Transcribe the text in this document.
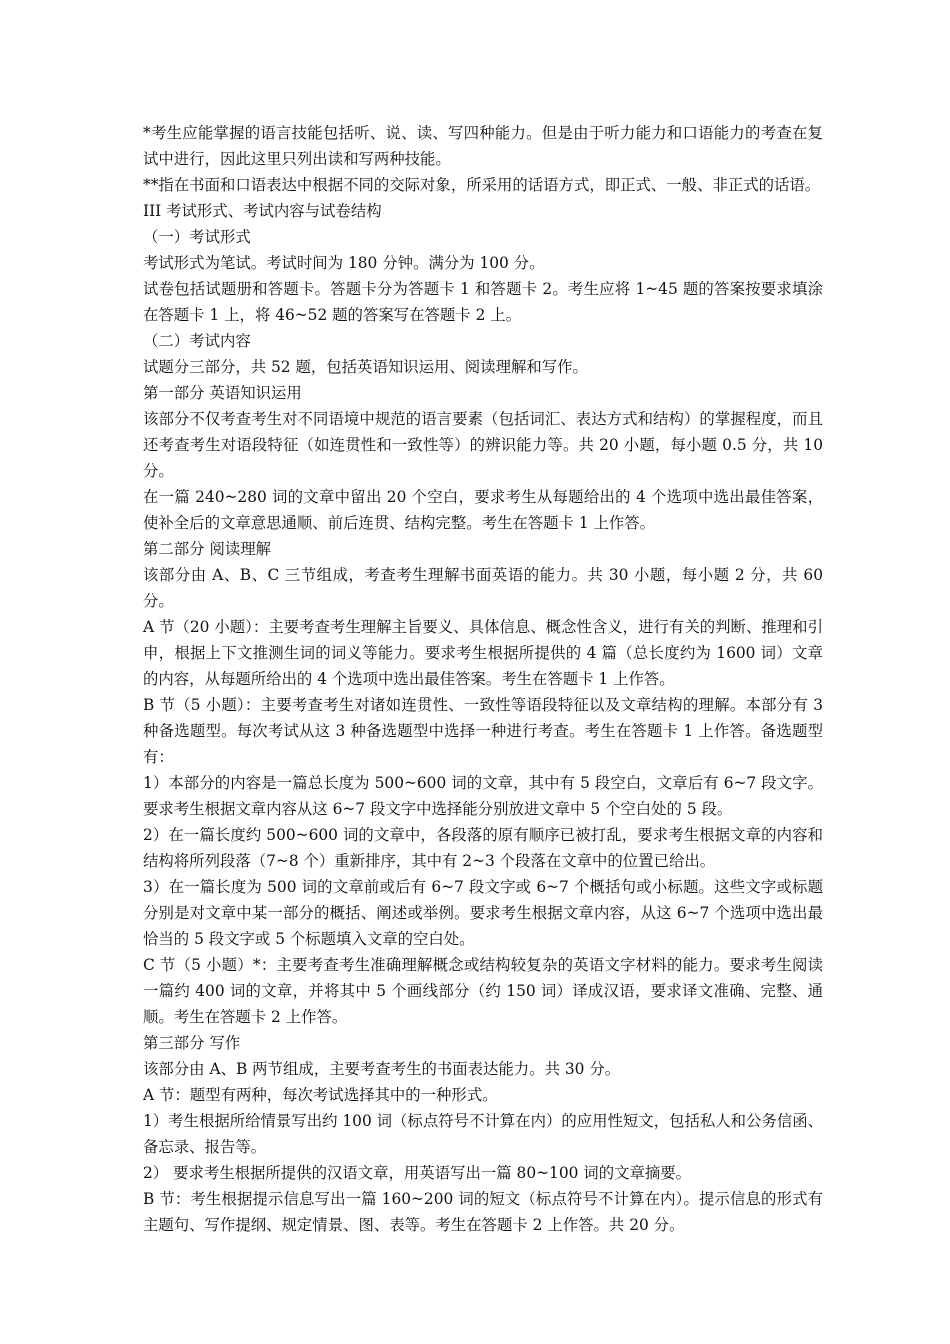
*考生应能掌握的语言技能包括听、说、读、写四种能力。但是由于听力能力和口语能力的考查在复试中进行，因此这里只列出读和写两种技能。

**指在书面和口语表达中根据不同的交际对象，所采用的话语方式，即正式、一般、非正式的话语。

III 考试形式、考试内容与试卷结构

（一）考试形式

考试形式为笔试。考试时间为 180 分钟。满分为 100 分。

试卷包括试题册和答题卡。答题卡分为答题卡 1 和答题卡 2。考生应将 1~45 题的答案按要求填涂在答题卡 1 上，将 46~52 题的答案写在答题卡 2 上。

（二）考试内容

试题分三部分，共 52 题，包括英语知识运用、阅读理解和写作。

第一部分 英语知识运用

该部分不仅考查考生对不同语境中规范的语言要素（包括词汇、表达方式和结构）的掌握程度，而且还考查考生对语段特征（如连贯性和一致性等）的辨识能力等。共 20 小题，每小题 0.5 分，共 10 分。

在一篇 240~280 词的文章中留出 20 个空白，要求考生从每题给出的 4 个选项中选出最佳答案，使补全后的文章意思通顺、前后连贯、结构完整。考生在答题卡 1 上作答。

第二部分 阅读理解

该部分由 A、B、C 三节组成，考查考生理解书面英语的能力。共 30 小题，每小题 2 分，共 60 分。

A 节（20 小题）：主要考查考生理解主旨要义、具体信息、概念性含义，进行有关的判断、推理和引申，根据上下文推测生词的词义等能力。要求考生根据所提供的 4 篇（总长度约为 1600 词）文章的内容，从每题所给出的 4 个选项中选出最佳答案。考生在答题卡 1 上作答。

B 节（5 小题）：主要考查考生对诸如连贯性、一致性等语段特征以及文章结构的理解。本部分有 3 种备选题型。每次考试从这 3 种备选题型中选择一种进行考查。考生在答题卡 1 上作答。备选题型有：

1）本部分的内容是一篇总长度为 500~600 词的文章，其中有 5 段空白，文章后有 6~7 段文字。要求考生根据文章内容从这 6~7 段文字中选择能分别放进文章中 5 个空白处的 5 段。

2）在一篇长度约 500~600 词的文章中，各段落的原有顺序已被打乱，要求考生根据文章的内容和结构将所列段落（7~8 个）重新排序，其中有 2~3 个段落在文章中的位置已给出。

3）在一篇长度为 500 词的文章前或后有 6~7 段文字或 6~7 个概括句或小标题。这些文字或标题分别是对文章中某一部分的概括、阐述或举例。要求考生根据文章内容，从这 6~7 个选项中选出最恰当的 5 段文字或 5 个标题填入文章的空白处。

C 节（5 小题）*：主要考查考生准确理解概念或结构较复杂的英语文字材料的能力。要求考生阅读一篇约 400 词的文章，并将其中 5 个画线部分（约 150 词）译成汉语，要求译文准确、完整、通顺。考生在答题卡 2 上作答。

第三部分 写作

该部分由 A、B 两节组成，主要考查考生的书面表达能力。共 30 分。

A 节：题型有两种，每次考试选择其中的一种形式。

1）考生根据所给情景写出约 100 词（标点符号不计算在内）的应用性短文，包括私人和公务信函、备忘录、报告等。

2） 要求考生根据所提供的汉语文章，用英语写出一篇 80~100 词的文章摘要。

B 节：考生根据提示信息写出一篇 160~200 词的短文（标点符号不计算在内）。提示信息的形式有主题句、写作提纲、规定情景、图、表等。考生在答题卡 2 上作答。共 20 分。
